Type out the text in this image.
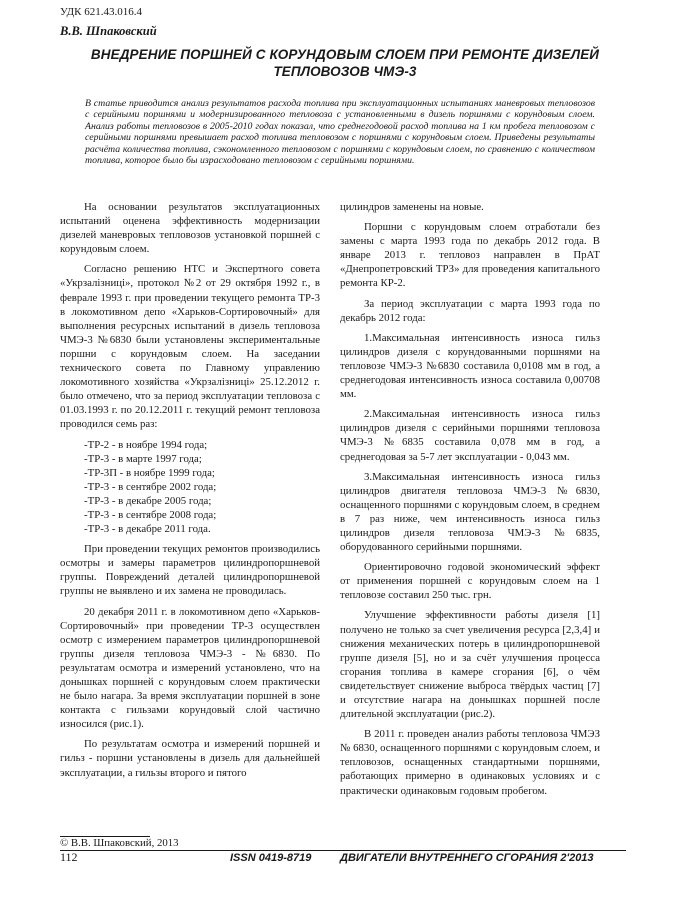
УДК 621.43.016.4
В.В. Шпаковский
ВНЕДРЕНИЕ ПОРШНЕЙ С КОРУНДОВЫМ СЛОЕМ ПРИ РЕМОНТЕ ДИЗЕЛЕЙ ТЕПЛОВОЗОВ ЧМЭ-3
В статье приводится анализ результатов расхода топлива при эксплуатационных испытаниях маневровых тепловозов с серийными поршнями и модернизированного тепловоза с установленными в дизель поршнями с корундовым слоем. Анализ работы тепловозов в 2005-2010 годах показал, что среднегодовой расход топлива на 1 км пробега тепловозом с серийными поршнями превышает расход топлива тепловозом с поршнями с корундовым слоем. Приведены результаты расчёта количества топлива, сэкономленного тепловозом с поршнями с корундовым слоем, по сравнению с количеством топлива, которое было бы израсходовано тепловозом с серийными поршнями.

На основании результатов эксплуатационных испытаний оценена эффективность модернизации дизелей маневровых тепловозов установкой поршней с корундовым слоем.

Согласно решению НТС и Экспертного совета «Укрзалізниці», протокол №2 от 29 октября 1992 г., в феврале 1993 г. при проведении текущего ремонта ТР-3 в локомотивном депо «Харьков-Сортировочный» для выполнения ресурсных испытаний в дизель тепловоза ЧМЭ-3 №6830 были установлены экспериментальные поршни с корундовым слоем. На заседании технического совета по Главному управлению локомотивного хозяйства «Укрзалізниці» 25.12.2012 г. было отмечено, что за период эксплуатации тепловоза с 01.03.1993 г. по 20.12.2011 г. текущий ремонт тепловоза проводился семь раз:

-ТР-2 - в ноябре 1994 года;
-ТР-3 - в марте 1997 года;
-ТР-3П - в ноябре 1999 года;
-ТР-3 - в сентябре 2002 года;
-ТР-3 - в декабре 2005 года;
-ТР-3 - в сентябре 2008 года;
-ТР-3 - в декабре 2011 года.

При проведении текущих ремонтов производились осмотры и замеры параметров цилиндропоршневой группы. Повреждений деталей цилиндропоршневой группы не выявлено и их замена не проводилась.

20 декабря 2011 г. в локомотивном депо «Харьков-Сортировочный» при проведении ТР-3 осуществлен осмотр с измерением параметров цилиндропоршневой группы дизеля тепловоза ЧМЭ-3 - №6830. По результатам осмотра и измерений установлено, что на донышках поршней с корундовым слоем практически не было нагара. За время эксплуатации поршней в зоне контакта с гильзами корундовый слой частично износился (рис.1).

По результатам осмотра и измерений поршней и гильз - поршни установлены в дизель для дальнейшей эксплуатации, а гильзы второго и пятого

цилиндров заменены на новые.

Поршни с корундовым слоем отработали без замены с марта 1993 года по декабрь 2012 года. В январе 2013 г. тепловоз направлен в ПрАТ «Днепропетровский ТРЗ» для проведения капитального ремонта КР-2.

За период эксплуатации с марта 1993 года по декабрь 2012 года:

1.Максимальная интенсивность износа гильз цилиндров дизеля с корундованными поршнями на тепловозе ЧМЭ-3 №6830 составила 0,0108 мм в год, а среднегодовая интенсивность износа составила 0,00708 мм.

2.Максимальная интенсивность износа гильз цилиндров дизеля с серийными поршнями тепловоза ЧМЭ-3 №6835 составила 0,078 мм в год, а среднегодовая за 5-7 лет эксплуатации - 0,043 мм.

3.Максимальная интенсивность износа гильз цилиндров двигателя тепловоза ЧМЭ-3 №6830, оснащенного поршнями с корундовым слоем, в среднем в 7 раз ниже, чем интенсивность износа гильз цилиндров дизеля тепловоза ЧМЭ-3 №6835, оборудованного серийными поршнями.

Ориентировочно годовой экономический эффект от применения поршней с корундовым слоем на 1 тепловозе составил 250 тыс. грн.

Улучшение эффективности работы дизеля [1] получено не только за счет увеличения ресурса [2,3,4] и снижения механических потерь в цилиндропоршневой группе дизеля [5], но и за счёт улучшения процесса сгорания топлива в камере сгорания [6], о чём свидетельствует снижение выброса твёрдых частиц [7] и отсутствие нагара на донышках поршней после длительной эксплуатации (рис.2).

В 2011 г. проведен анализ работы тепловоза ЧМЭЗ № 6830, оснащенного поршнями с корундовым слоем, и тепловозов, оснащенных стандартными поршнями, работающих примерно в одинаковых условиях и с практически одинаковым годовым пробегом.

© В.В. Шпаковский, 2013
112	ISSN 0419-8719	ДВИГАТЕЛИ ВНУТРЕННЕГО СГОРАНИЯ 2'2013
